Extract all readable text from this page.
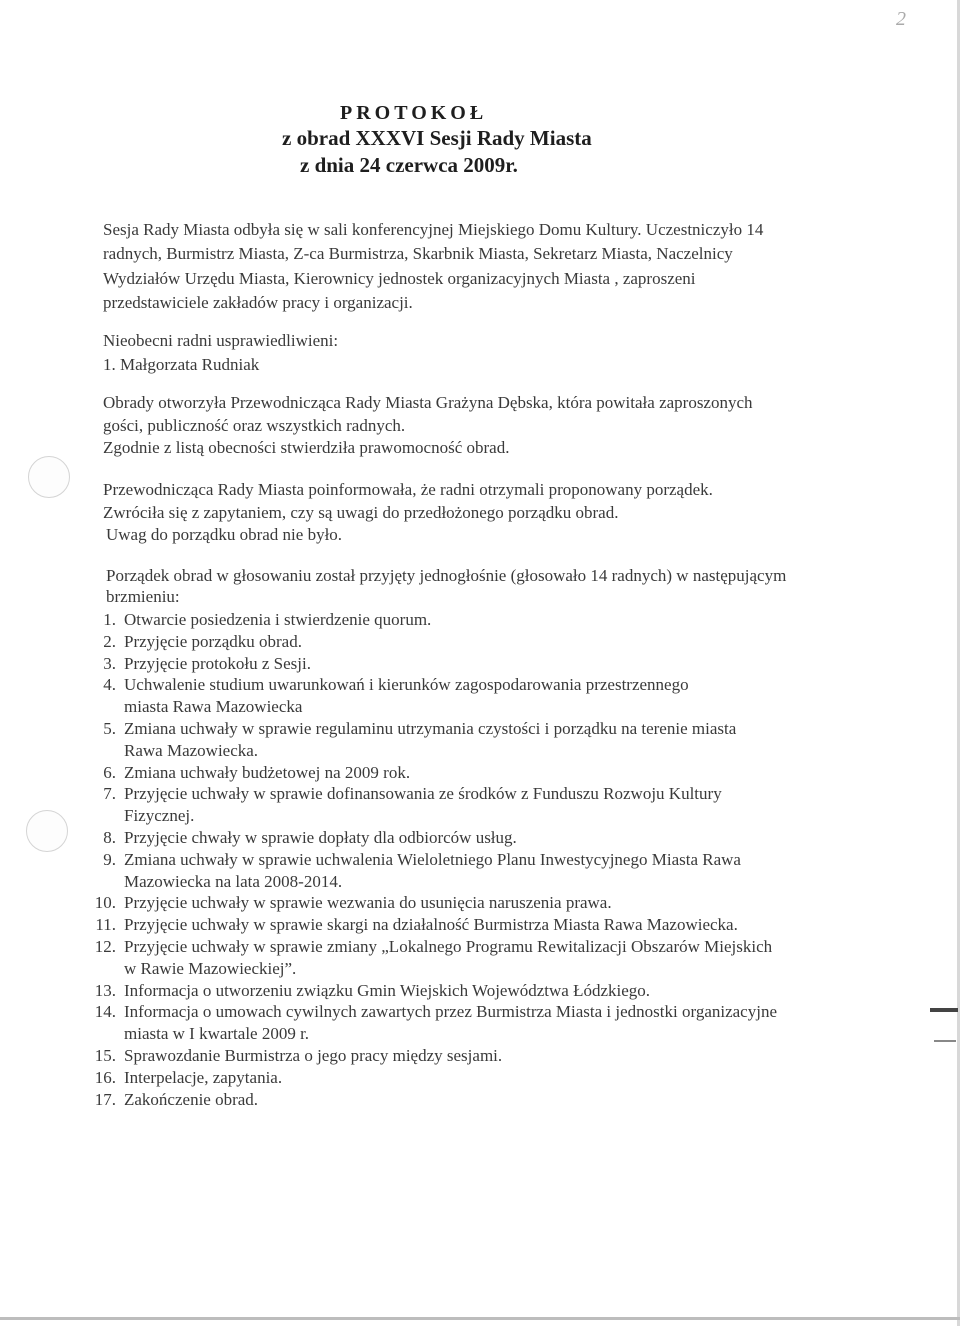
2
PROTOKOŁ
z obrad XXXVI Sesji Rady Miasta
z dnia 24 czerwca 2009r.
Sesja Rady Miasta odbyła się w sali konferencyjnej Miejskiego Domu Kultury. Uczestniczyło 14
radnych, Burmistrz Miasta, Z-ca Burmistrza, Skarbnik Miasta, Sekretarz Miasta, Naczelnicy
Wydziałów Urzędu Miasta, Kierownicy jednostek organizacyjnych Miasta , zaproszeni
przedstawiciele zakładów pracy i organizacji.
Nieobecni radni usprawiedliwieni:
1. Małgorzata Rudniak
Obrady otworzyła Przewodnicząca Rady Miasta Grażyna Dębska, która powitała zaproszonych
gości, publiczność oraz wszystkich radnych.
Zgodnie z listą obecności stwierdziła prawomocność obrad.
Przewodnicząca Rady Miasta poinformowała, że radni otrzymali proponowany porządek.
Zwróciła się z zapytaniem, czy są uwagi do przedłożonego porządku obrad.
Uwag do porządku obrad nie było.
Porządek obrad w głosowaniu został przyjęty jednogłośnie (głosowało 14 radnych) w następującym
brzmieniu:
1. Otwarcie posiedzenia i stwierdzenie quorum.
2. Przyjęcie porządku obrad.
3. Przyjęcie protokołu z Sesji.
4. Uchwalenie studium uwarunkowań i kierunków zagospodarowania przestrzennego
miasta Rawa Mazowiecka
5. Zmiana uchwały w sprawie regulaminu utrzymania czystości i porządku na terenie miasta
Rawa Mazowiecka.
6. Zmiana uchwały budżetowej na 2009 rok.
7. Przyjęcie uchwały w sprawie dofinansowania ze środków z Funduszu Rozwoju Kultury
Fizycznej.
8. Przyjęcie chwały w sprawie dopłaty dla odbiorców usług.
9. Zmiana uchwały w sprawie uchwalenia Wieloletniego Planu Inwestycyjnego Miasta Rawa
Mazowiecka na lata 2008-2014.
10. Przyjęcie uchwały w sprawie wezwania do usunięcia naruszenia prawa.
11. Przyjęcie uchwały w sprawie skargi na działalność Burmistrza Miasta Rawa Mazowiecka.
12. Przyjęcie uchwały w sprawie zmiany „Lokalnego Programu Rewitalizacji Obszarów Miejskich
w Rawie Mazowieckiej”.
13. Informacja o utworzeniu związku Gmin Wiejskich Województwa Łódzkiego.
14. Informacja o umowach cywilnych zawartych przez Burmistrza Miasta i jednostki organizacyjne
miasta w I kwartale 2009 r.
15. Sprawozdanie Burmistrza o jego pracy między sesjami.
16. Interpelacje, zapytania.
17. Zakończenie obrad.
